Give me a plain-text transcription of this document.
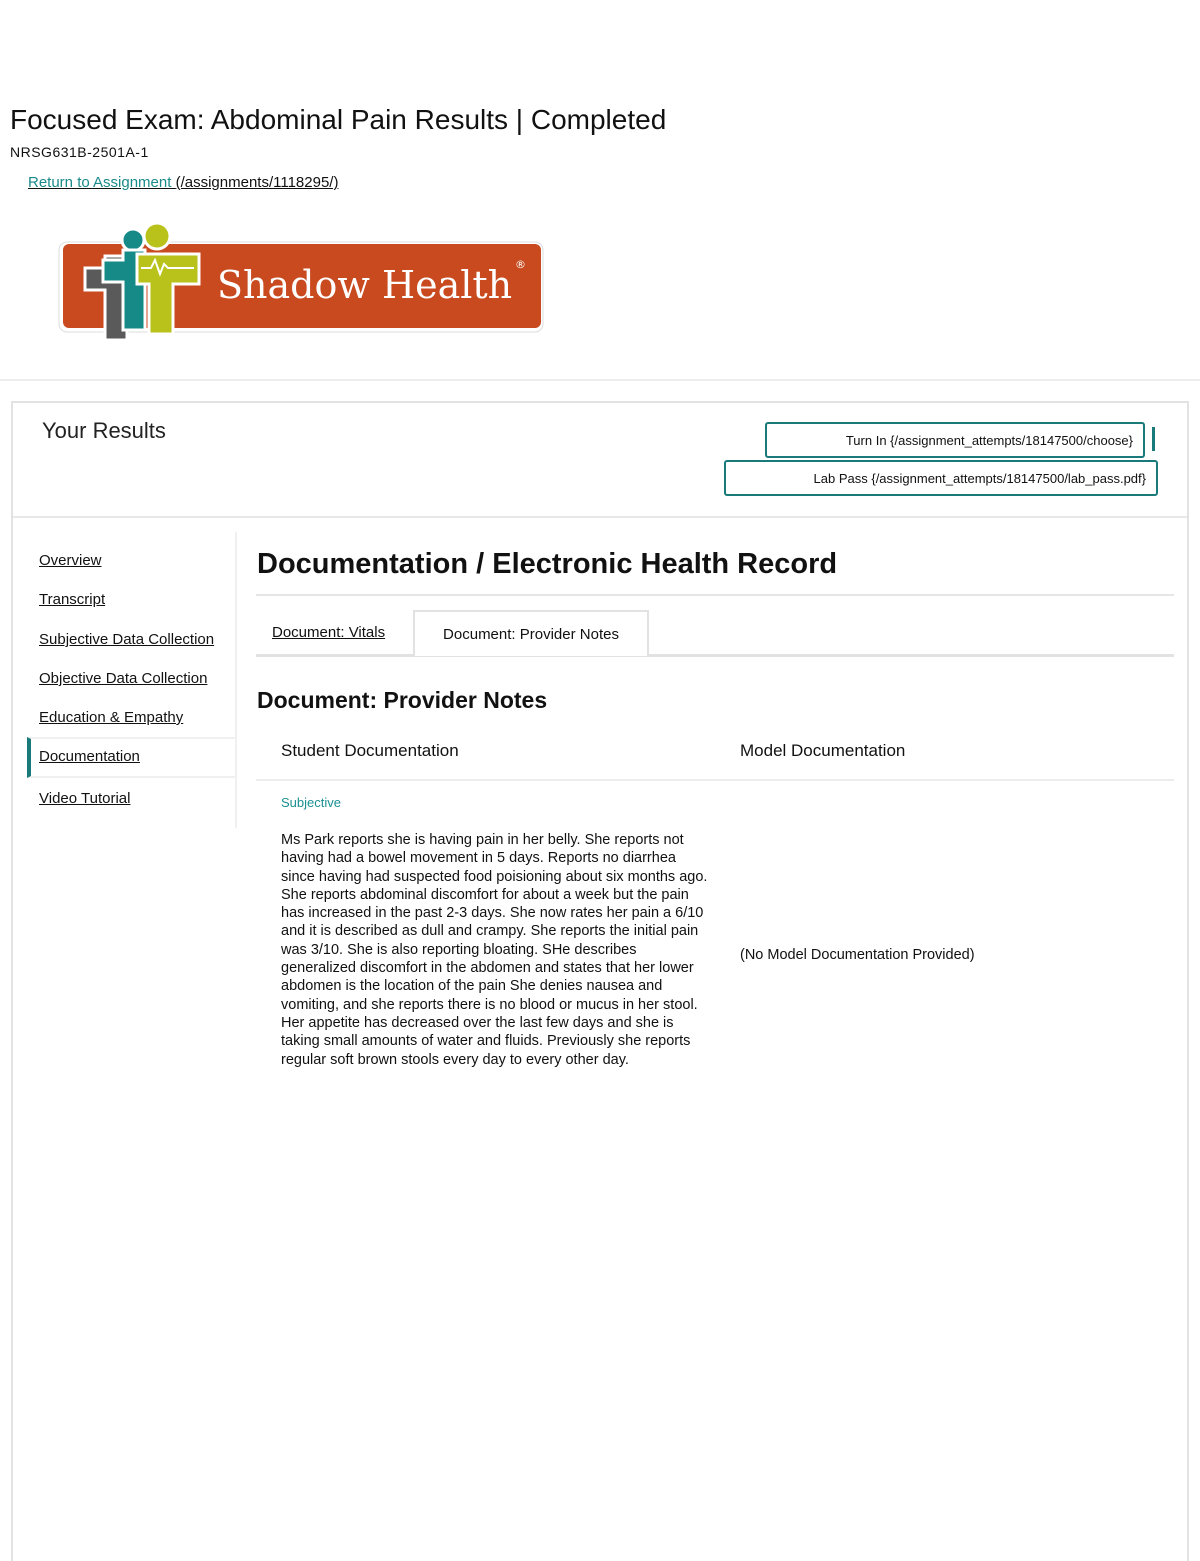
Focused Exam: Abdominal Pain Results | Completed
NRSG631B-2501A-1
Return to Assignment (/assignments/1118295/)
Shadow Health ®
Your Results	Turn In {/assignment_attempts/18147500/choose}
Lab Pass {/assignment_attempts/18147500/lab_pass.pdf}
Overview
Transcript
Subjective Data Collection
Objective Data Collection
Education & Empathy
Documentation
Video Tutorial
Documentation / Electronic Health Record
Document: Vitals	Document: Provider Notes
Document: Provider Notes
Student Documentation	Model Documentation
Subjective
Ms Park reports she is having pain in her belly. She reports not having had a bowel movement in 5 days. Reports no diarrhea since having had suspected food poisioning about six months ago. She reports abdominal discomfort for about a week but the pain has increased in the past 2-3 days. She now rates her pain a 6/10 and it is described as dull and crampy. She reports the initial pain was 3/10. She is also reporting bloating. SHe describes generalized discomfort in the abdomen and states that her lower abdomen is the location of the pain She denies nausea and vomiting, and she reports there is no blood or mucus in her stool. Her appetite has decreased over the last few days and she is taking small amounts of water and fluids. Previously she reports regular soft brown stools every day to every other day.
(No Model Documentation Provided)
